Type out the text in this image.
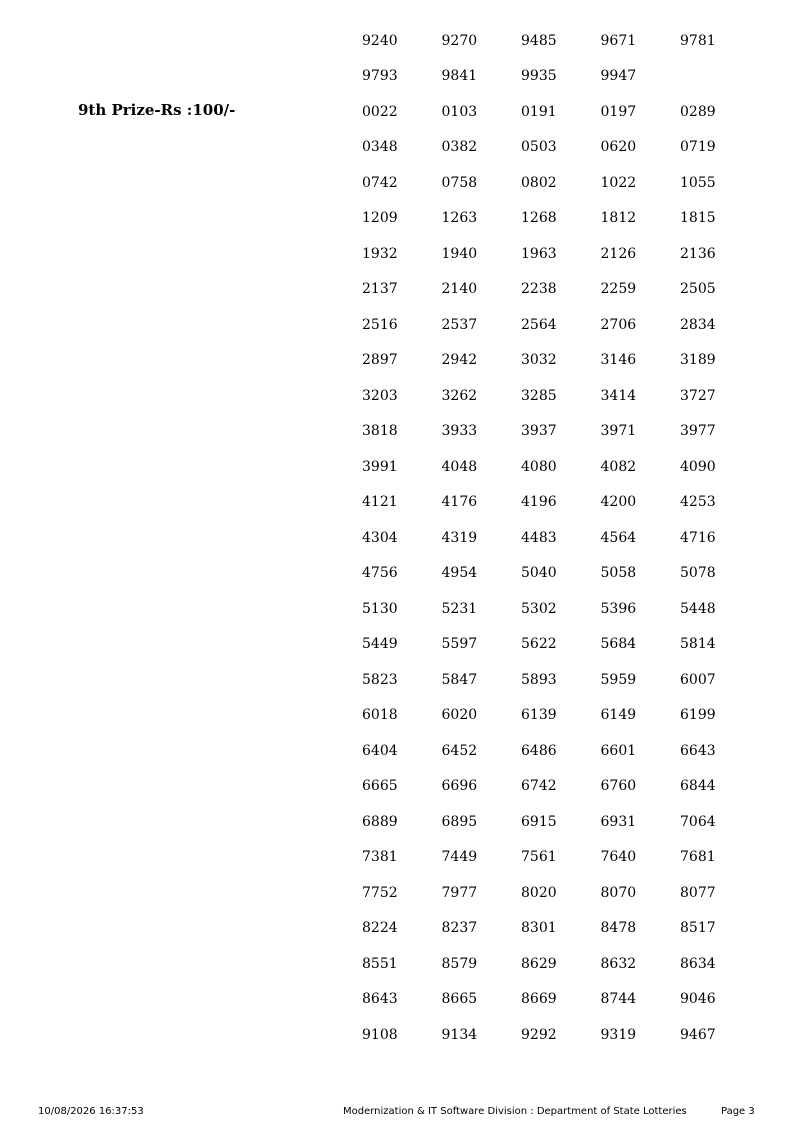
9th Prize-Rs :100/-
9240	9270	9485	9671	9781
9793	9841	9935	9947
0022	0103	0191	0197	0289
0348	0382	0503	0620	0719
0742	0758	0802	1022	1055
1209	1263	1268	1812	1815
1932	1940	1963	2126	2136
2137	2140	2238	2259	2505
2516	2537	2564	2706	2834
2897	2942	3032	3146	3189
3203	3262	3285	3414	3727
3818	3933	3937	3971	3977
3991	4048	4080	4082	4090
4121	4176	4196	4200	4253
4304	4319	4483	4564	4716
4756	4954	5040	5058	5078
5130	5231	5302	5396	5448
5449	5597	5622	5684	5814
5823	5847	5893	5959	6007
6018	6020	6139	6149	6199
6404	6452	6486	6601	6643
6665	6696	6742	6760	6844
6889	6895	6915	6931	7064
7381	7449	7561	7640	7681
7752	7977	8020	8070	8077
8224	8237	8301	8478	8517
8551	8579	8629	8632	8634
8643	8665	8669	8744	9046
9108	9134	9292	9319	9467
10/08/2026 16:37:53	Modernization & IT Software Division : Department of State Lotteries	Page 3
